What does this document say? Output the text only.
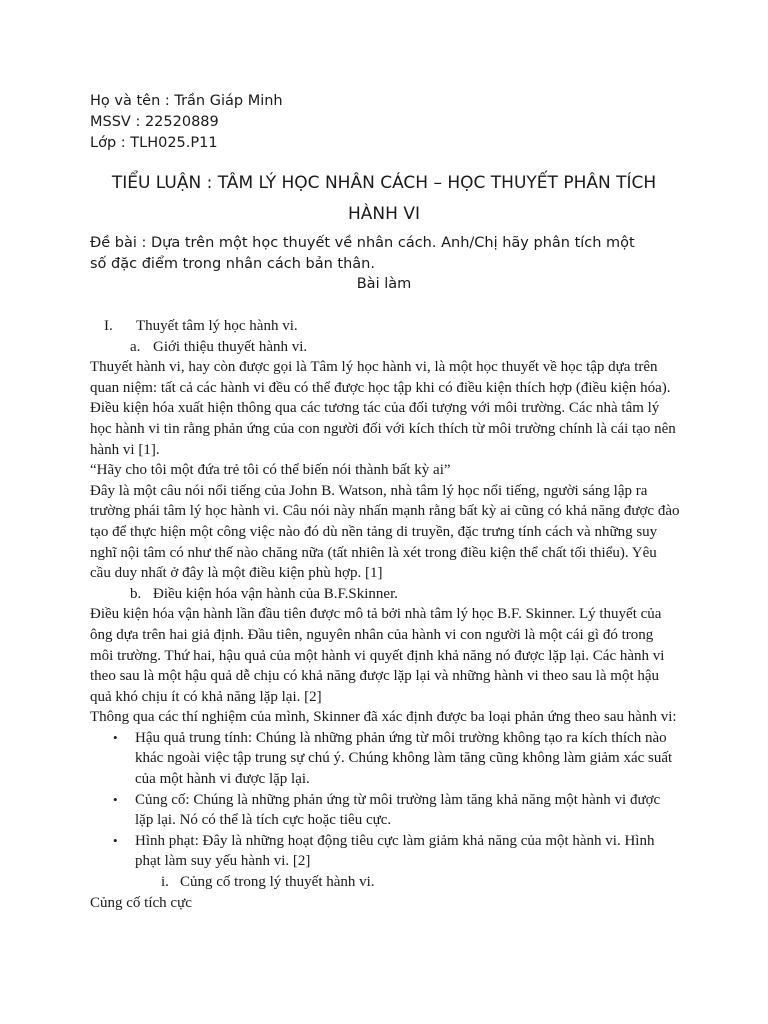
Họ và tên : Trần Giáp Minh
MSSV : 22520889
Lớp : TLH025.P11
TIỂU LUẬN : TÂM LÝ HỌC NHÂN CÁCH – HỌC THUYẾT PHÂN TÍCH
HÀNH VI
Đề bài : Dựa trên một học thuyết về nhân cách. Anh/Chị hãy phân tích một
số đặc điểm trong nhân cách bản thân.
Bài làm
I.	Thuyết tâm lý học hành vi.
a. Giới thiệu thuyết hành vi.

Thuyết hành vi, hay còn được gọi là Tâm lý học hành vi, là một học thuyết về học tập dựa trên quan niệm: tất cả các hành vi đều có thể được học tập khi có điều kiện thích hợp (điều kiện hóa). Điều kiện hóa xuất hiện thông qua các tương tác của đối tượng với môi trường. Các nhà tâm lý học hành vi tin rằng phản ứng của con người đối với kích thích từ môi trường chính là cái tạo nên hành vi [1].

“Hãy cho tôi một đứa trẻ tôi có thể biến nói thành bất kỳ ai”

Đây là một câu nói nổi tiếng của John B. Watson, nhà tâm lý học nổi tiếng, người sáng lập ra trường phái tâm lý học hành vi. Câu nói này nhấn mạnh rằng bất kỳ ai cũng có khả năng được đào tạo để thực hiện một công việc nào đó dù nền tảng di truyền, đặc trưng tính cách và những suy nghĩ nội tâm có như thế nào chăng nữa (tất nhiên là xét trong điều kiện thể chất tối thiểu). Yêu cầu duy nhất ở đây là một điều kiện phù hợp. [1]

b. Điều kiện hóa vận hành của B.F.Skinner.

Điều kiện hóa vận hành lần đầu tiên được mô tả bởi nhà tâm lý học B.F. Skinner. Lý thuyết của ông dựa trên hai giả định. Đầu tiên, nguyên nhân của hành vi con người là một cái gì đó trong môi trường. Thứ hai, hậu quả của một hành vi quyết định khả năng nó được lặp lại. Các hành vi theo sau là một hậu quả dễ chịu có khả năng được lặp lại và những hành vi theo sau là một hậu quả khó chịu ít có khả năng lặp lại. [2]

Thông qua các thí nghiệm của mình, Skinner đã xác định được ba loại phản ứng theo sau hành vi:

• Hậu quả trung tính: Chúng là những phản ứng từ môi trường không tạo ra kích thích nào khác ngoài việc tập trung sự chú ý. Chúng không làm tăng cũng không làm giảm xác suất của một hành vi được lặp lại.
• Củng cố: Chúng là những phản ứng từ môi trường làm tăng khả năng một hành vi được lặp lại. Nó có thể là tích cực hoặc tiêu cực.
• Hình phạt: Đây là những hoạt động tiêu cực làm giảm khả năng của một hành vi. Hình phạt làm suy yếu hành vi. [2]
i. Củng cố trong lý thuyết hành vi.

Củng cố tích cực
